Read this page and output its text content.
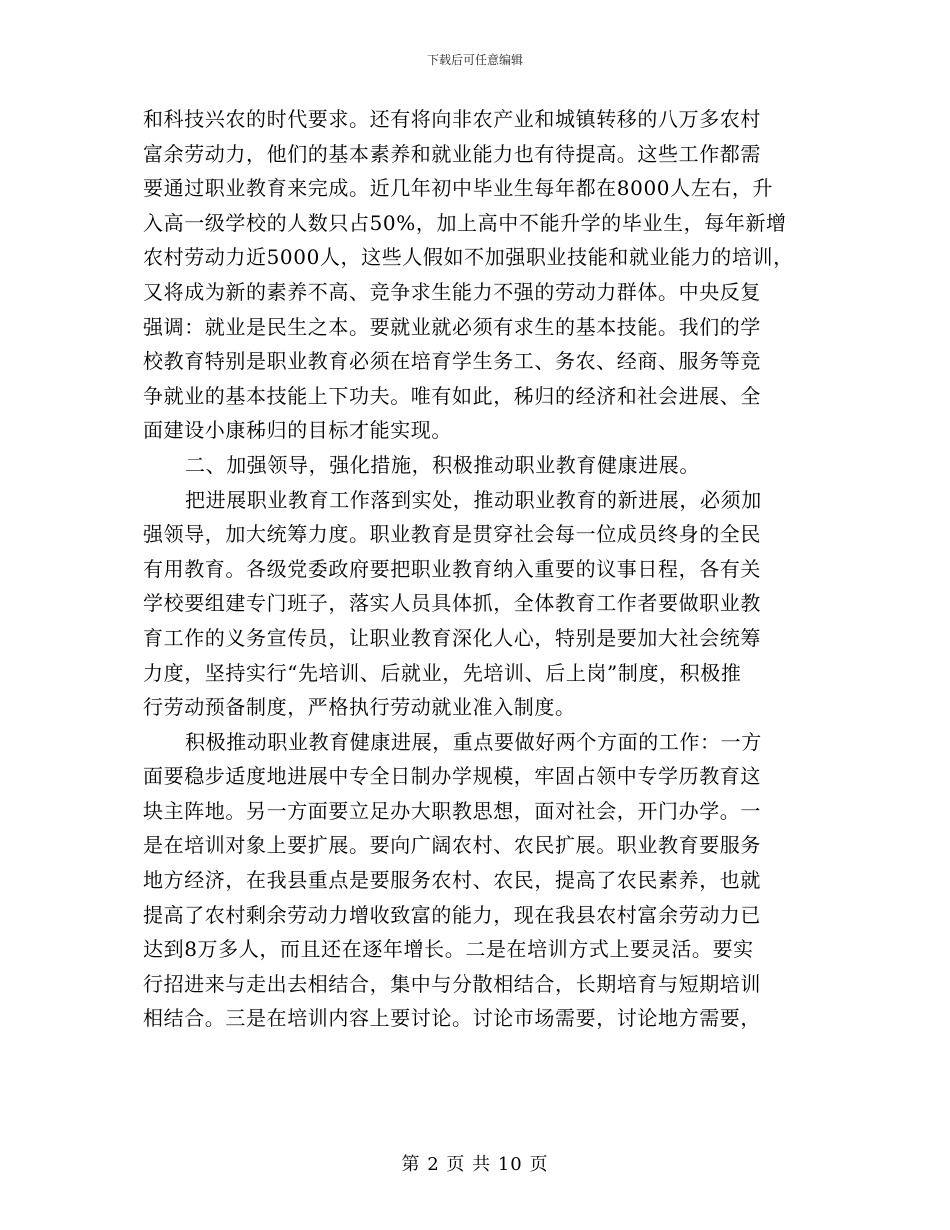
下载后可任意编辑
和科技兴农的时代要求。还有将向非农产业和城镇转移的八万多农村
富余劳动力，他们的基本素养和就业能力也有待提高。这些工作都需
要通过职业教育来完成。近几年初中毕业生每年都在8000人左右，升
入高一级学校的人数只占50%，加上高中不能升学的毕业生，每年新增
农村劳动力近5000人，这些人假如不加强职业技能和就业能力的培训，
又将成为新的素养不高、竞争求生能力不强的劳动力群体。中央反复
强调：就业是民生之本。要就业就必须有求生的基本技能。我们的学
校教育特别是职业教育必须在培育学生务工、务农、经商、服务等竞
争就业的基本技能上下功夫。唯有如此，秭归的经济和社会进展、全
面建设小康秭归的目标才能实现。
二、加强领导，强化措施，积极推动职业教育健康进展。
把进展职业教育工作落到实处，推动职业教育的新进展，必须加
强领导，加大统筹力度。职业教育是贯穿社会每一位成员终身的全民
有用教育。各级党委政府要把职业教育纳入重要的议事日程，各有关
学校要组建专门班子，落实人员具体抓，全体教育工作者要做职业教
育工作的义务宣传员，让职业教育深化人心，特别是要加大社会统筹
力度，坚持实行“先培训、后就业，先培训、后上岗”制度，积极推
行劳动预备制度，严格执行劳动就业准入制度。
积极推动职业教育健康进展，重点要做好两个方面的工作：一方
面要稳步适度地进展中专全日制办学规模，牢固占领中专学历教育这
块主阵地。另一方面要立足办大职教思想，面对社会，开门办学。一
是在培训对象上要扩展。要向广阔农村、农民扩展。职业教育要服务
地方经济，在我县重点是要服务农村、农民，提高了农民素养，也就
提高了农村剩余劳动力增收致富的能力，现在我县农村富余劳动力已
达到8万多人，而且还在逐年增长。二是在培训方式上要灵活。要实
行招进来与走出去相结合，集中与分散相结合，长期培育与短期培训
相结合。三是在培训内容上要讨论。讨论市场需要，讨论地方需要，
第 2 页 共 10 页
